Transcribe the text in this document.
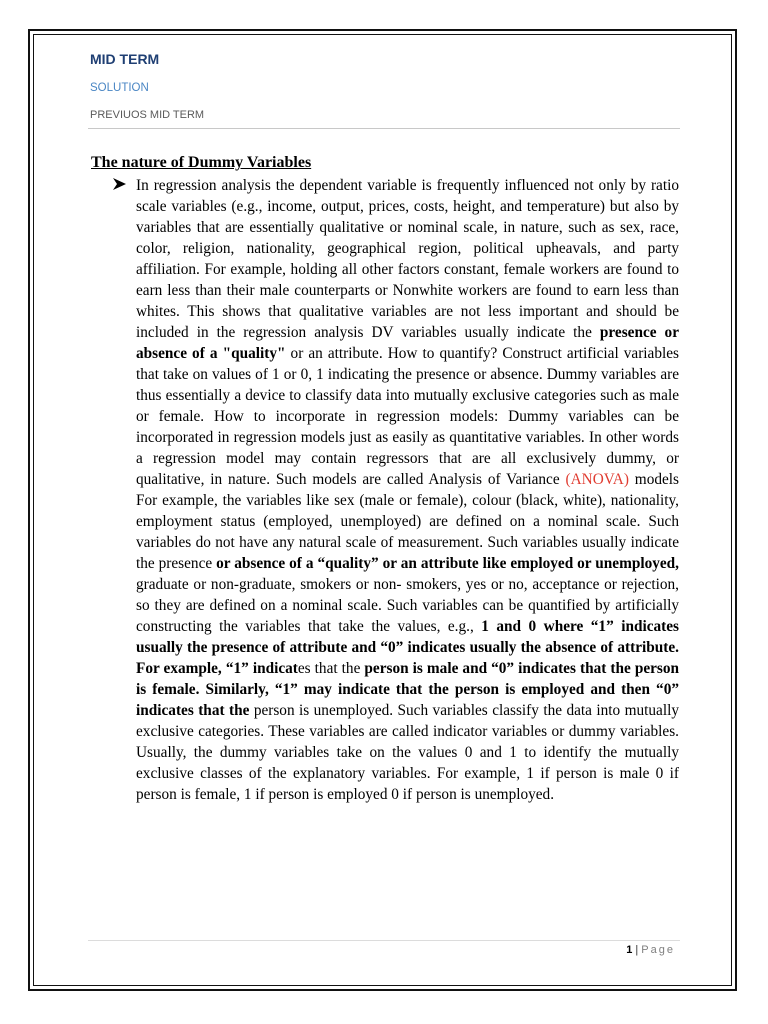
MID TERM
SOLUTION
PREVIUOS MID TERM
The nature of Dummy Variables

In regression analysis the dependent variable is frequently influenced not only by ratio scale variables (e.g., income, output, prices, costs, height, and temperature) but also by variables that are essentially qualitative or nominal scale, in nature, such as sex, race, color, religion, nationality, geographical region, political upheavals, and party affiliation. For example, holding all other factors constant, female workers are found to earn less than their male counterparts or Nonwhite workers are found to earn less than whites. This shows that qualitative variables are not less important and should be included in the regression analysis DV variables usually indicate the presence or absence of a "quality" or an attribute. How to quantify? Construct artificial variables that take on values of 1 or 0, 1 indicating the presence or absence. Dummy variables are thus essentially a device to classify data into mutually exclusive categories such as male or female. How to incorporate in regression models: Dummy variables can be incorporated in regression models just as easily as quantitative variables. In other words a regression model may contain regressors that are all exclusively dummy, or qualitative, in nature. Such models are called Analysis of Variance (ANOVA) models For example, the variables like sex (male or female), colour (black, white), nationality, employment status (employed, unemployed) are defined on a nominal scale. Such variables do not have any natural scale of measurement. Such variables usually indicate the presence or absence of a “quality” or an attribute like employed or unemployed, graduate or non-graduate, smokers or non- smokers, yes or no, acceptance or rejection, so they are defined on a nominal scale. Such variables can be quantified by artificially constructing the variables that take the values, e.g., 1 and 0 where “1” indicates usually the presence of attribute and “0” indicates usually the absence of attribute. For example, “1” indicates that the person is male and “0” indicates that the person is female. Similarly, “1” may indicate that the person is employed and then “0” indicates that the person is unemployed. Such variables classify the data into mutually exclusive categories. These variables are called indicator variables or dummy variables. Usually, the dummy variables take on the values 0 and 1 to identify the mutually exclusive classes of the explanatory variables. For example, 1 if person is male 0 if person is female, 1 if person is employed 0 if person is unemployed.

1 | Page
